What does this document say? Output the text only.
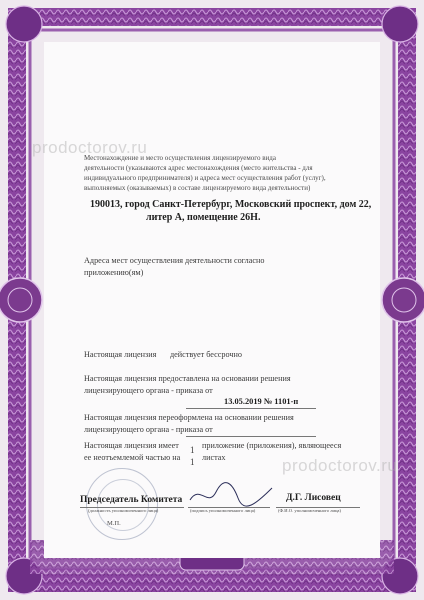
prodoctorov.ru
prodoctorov.ru
Местонахождение и место осуществления лицензируемого вида
деятельности (указываются адрес местонахождения (место жительства - для
индивидуального предпринимателя) и адреса мест осуществления работ (услуг),
выполняемых (оказываемых) в составе лицензируемого вида деятельности)
190013, город Санкт-Петербург, Московский проспект, дом 22,
литер А, помещение 26Н.
Адреса мест осуществления деятельности согласно
приложению(ям)
Настоящая лицензия действует бессрочно
Настоящая лицензия предоставлена на основании решения
лицензирующего органа - приказа от
13.05.2019 № 1101-п
Настоящая лицензия переоформлена на основании решения
лицензирующего органа - приказа от
Настоящая лицензия имеет
ее неотъемлемой частью на
1
1
приложение (приложения), являющееся
листах
Председатель Комитета
(должность уполномоченного лица)	(подпись уполномоченного лица)
Д.Г. Лисовец
(Ф.И.О. уполномоченного лица)
М.П.
